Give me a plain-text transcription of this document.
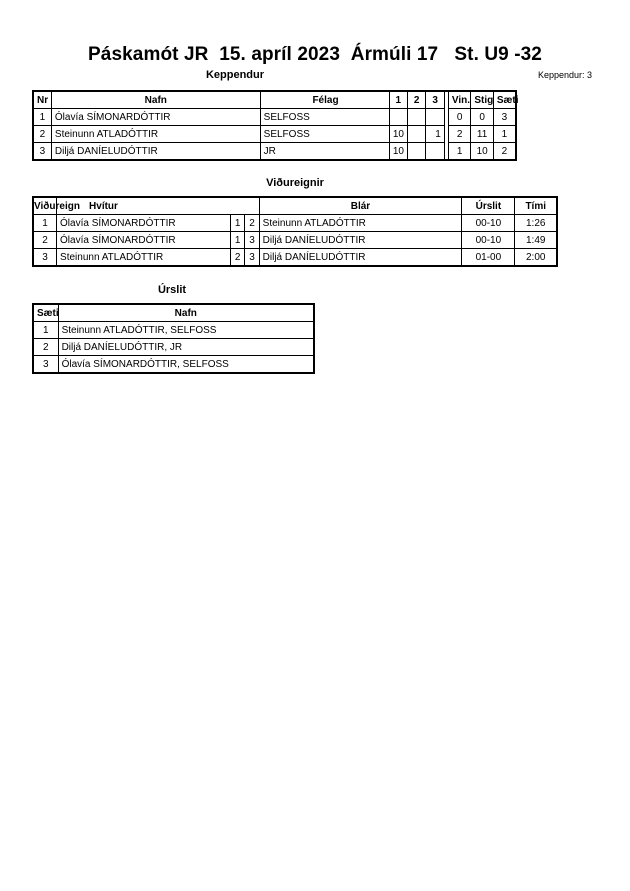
Páskamót JR  15. apríl 2023  Ármúli 17   St. U9 -32
Keppendur	Keppendur: 3
Nr	Nafn	Félag	1	2	3		Vin.	Stig	Sæti
1	Ólavía SÍMONARDÓTTIR	SELFOSS					0	0	3
2	Steinunn ATLADÓTTIR	SELFOSS	10		1		2	11	1
3	Diljá DANÍELUDÓTTIR	JR	10				1	10	2
Viðureignir
Viðureign	Hvítur			Blár	Úrslit	Tími
1	Ólavía SÍMONARDÓTTIR	1	2	Steinunn ATLADÓTTIR	00-10	1:26
2	Ólavía SÍMONARDÓTTIR	1	3	Diljá DANÍELUDÓTTIR	00-10	1:49
3	Steinunn ATLADÓTTIR	2	3	Diljá DANÍELUDÓTTIR	01-00	2:00
Úrslit
Sæti	Nafn
1	Steinunn ATLADÓTTIR, SELFOSS
2	Diljá DANÍELUDÓTTIR, JR
3	Ólavía SÍMONARDÓTTIR, SELFOSS
